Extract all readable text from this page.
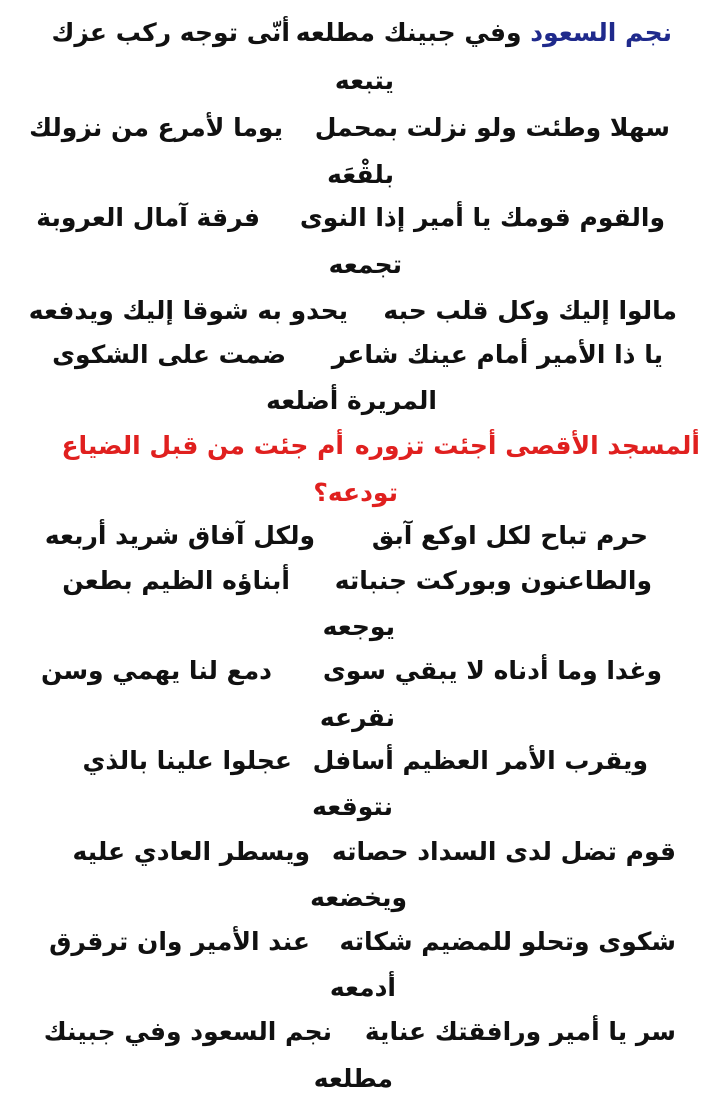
نجم السعود وفي جبينك مطلعه
أنّى توجه ركب عزك
يتبعه
سهلا وطئت ولو نزلت بمحمل
يوما لأمرع من نزولك
بلقْعَه
والقوم قومك يا أمير إذا النوى
فرقة آمال العروبة
تجمعه
مالوا إليك وكل قلب حبه
يحدو به شوقا إليك ويدفعه
يا ذا الأمير أمام عينك شاعر
ضمت على الشكوى
المريرة أضلعه
ألمسجد الأقصى أجئت تزوره
أم جئت من قبل الضياع
تودعه؟
حرم تباح لكل اوكع آبق
ولكل آفاق شريد أربعه
والطاعنون وبوركت جنباته
أبناؤه الظيم بطعن
يوجعه
وغدا وما أدناه لا يبقي سوى
دمع لنا يهمي وسن
نقرعه
ويقرب الأمر العظيم أسافل
عجلوا علينا بالذي
نتوقعه
قوم تضل لدى السداد حصاته
ويسطر العادي عليه
ويخضعه
شكوى وتحلو للمضيم شكاته
عند الأمير وان ترقرق
أدمعه
سر يا أمير ورافقتك عناية
نجم السعود وفي جبينك
مطلعه
